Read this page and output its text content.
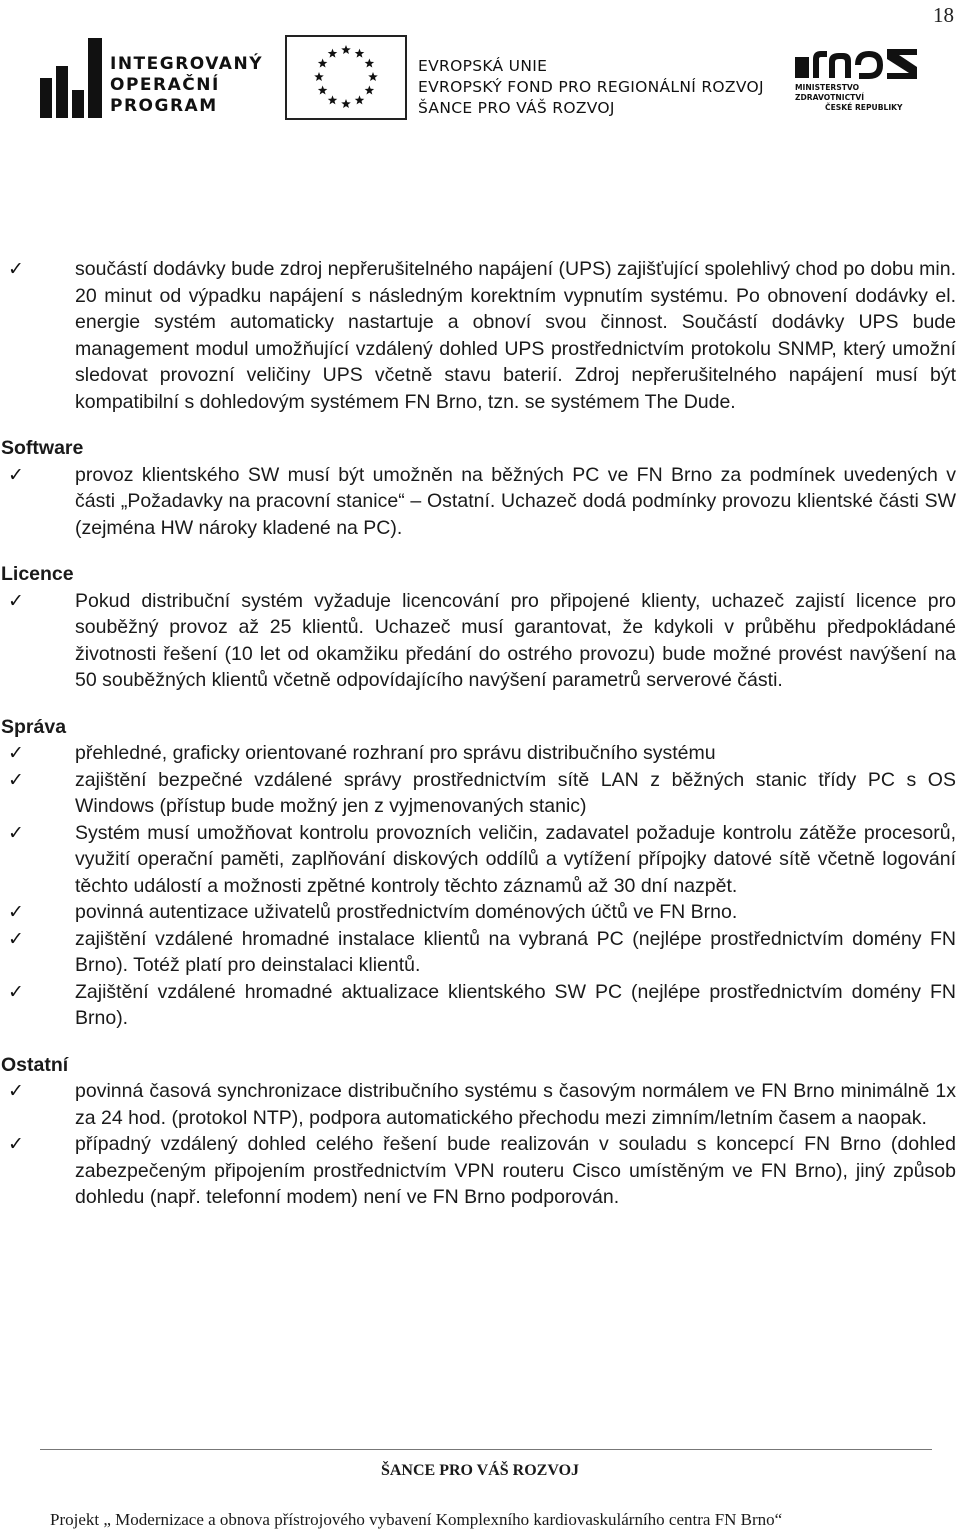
18
INTEGROVANÝ
OPERAČNÍ
PROGRAM
EVROPSKÁ UNIE
EVROPSKÝ FOND PRO REGIONÁLNÍ ROZVOJ
ŠANCE PRO VÁŠ ROZVOJ
MINISTERSTVO ZDRAVOTNICTVÍ
ČESKÉ REPUBLIKY
✓	součástí dodávky bude zdroj nepřerušitelného napájení (UPS) zajišťující spolehlivý chod po dobu min. 20 minut od výpadku napájení s následným korektním vypnutím systému. Po obnovení dodávky el. energie systém automaticky nastartuje a obnoví svou činnost. Součástí dodávky UPS bude management modul umožňující vzdálený dohled UPS prostřednictvím protokolu SNMP, který umožní sledovat provozní veličiny UPS včetně stavu baterií. Zdroj nepřerušitelného napájení musí být kompatibilní s dohledovým systémem FN Brno, tzn. se systémem The Dude.
Software
✓	provoz klientského SW musí být umožněn na běžných PC ve FN Brno za podmínek uvedených v části „Požadavky na pracovní stanice“ – Ostatní. Uchazeč dodá podmínky provozu klientské části SW (zejména HW nároky kladené na PC).
Licence
✓	Pokud distribuční systém vyžaduje licencování pro připojené klienty, uchazeč zajistí licence pro souběžný provoz až 25 klientů. Uchazeč musí garantovat, že kdykoli v průběhu předpokládané životnosti řešení (10 let od okamžiku předání do ostrého provozu) bude možné provést navýšení na 50 souběžných klientů včetně odpovídajícího navýšení parametrů serverové části.
Správa
✓	přehledné, graficky orientované rozhraní pro správu distribučního systému
✓	zajištění bezpečné vzdálené správy prostřednictvím sítě LAN z běžných stanic třídy PC s OS Windows (přístup bude možný jen z vyjmenovaných stanic)
✓	Systém musí umožňovat kontrolu provozních veličin, zadavatel požaduje kontrolu zátěže procesorů, využití operační paměti, zaplňování diskových oddílů a vytížení přípojky datové sítě včetně logování těchto událostí a možnosti zpětné kontroly těchto záznamů až 30 dní nazpět.
✓	povinná autentizace uživatelů prostřednictvím doménových účtů ve FN Brno.
✓	zajištění vzdálené hromadné instalace klientů na vybraná PC (nejlépe prostřednictvím domény FN Brno). Totéž platí pro deinstalaci klientů.
✓	Zajištění vzdálené hromadné aktualizace klientského SW PC (nejlépe prostřednictvím domény FN Brno).
Ostatní
✓	povinná časová synchronizace distribučního systému s časovým normálem ve FN Brno minimálně 1x za 24 hod. (protokol NTP), podpora automatického přechodu mezi zimním/letním časem a naopak.
✓	případný vzdálený dohled celého řešení bude realizován v souladu s koncepcí FN Brno (dohled zabezpečeným připojením prostřednictvím VPN routeru Cisco umístěným ve FN Brno), jiný způsob dohledu (např. telefonní modem) není ve FN Brno podporován.
ŠANCE PRO VÁŠ ROZVOJ
Projekt „ Modernizace a obnova přístrojového vybavení Komplexního kardiovaskulárního centra FN Brno“
